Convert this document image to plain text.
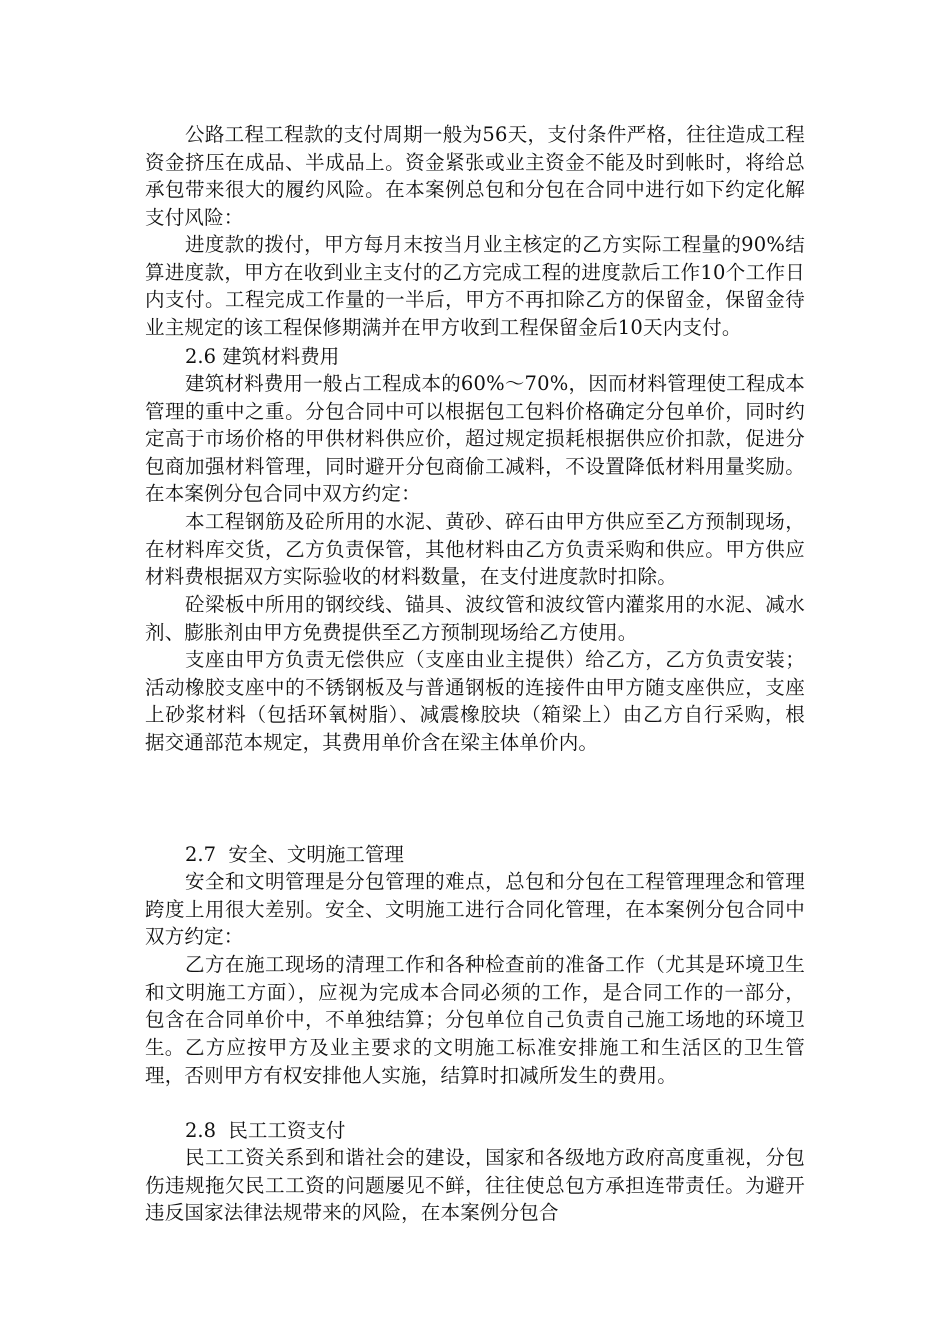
公路工程工程款的支付周期一般为56天，支付条件严格，往往造成工程资金挤压在成品、半成品上。资金紧张或业主资金不能及时到帐时，将给总承包带来很大的履约风险。在本案例总包和分包在合同中进行如下约定化解支付风险：

进度款的拨付，甲方每月末按当月业主核定的乙方实际工程量的90%结算进度款，甲方在收到业主支付的乙方完成工程的进度款后工作10个工作日内支付。工程完成工作量的一半后，甲方不再扣除乙方的保留金，保留金待业主规定的该工程保修期满并在甲方收到工程保留金后10天内支付。

2.6 建筑材料费用

建筑材料费用一般占工程成本的60%～70%，因而材料管理使工程成本管理的重中之重。分包合同中可以根据包工包料价格确定分包单价，同时约定高于市场价格的甲供材料供应价，超过规定损耗根据供应价扣款，促进分包商加强材料管理，同时避开分包商偷工减料，不设置降低材料用量奖励。在本案例分包合同中双方约定：

本工程钢筋及砼所用的水泥、黄砂、碎石由甲方供应至乙方预制现场，在材料库交货，乙方负责保管，其他材料由乙方负责采购和供应。甲方供应材料费根据双方实际验收的材料数量，在支付进度款时扣除。

砼梁板中所用的钢绞线、锚具、波纹管和波纹管内灌浆用的水泥、减水剂、膨胀剂由甲方免费提供至乙方预制现场给乙方使用。

支座由甲方负责无偿供应（支座由业主提供）给乙方，乙方负责安装；活动橡胶支座中的不锈钢板及与普通钢板的连接件由甲方随支座供应，支座上砂浆材料（包括环氧树脂）、减震橡胶块（箱梁上）由乙方自行采购，根据交通部范本规定，其费用单价含在梁主体单价内。

2.7  安全、文明施工管理

安全和文明管理是分包管理的难点，总包和分包在工程管理理念和管理跨度上用很大差别。安全、文明施工进行合同化管理，在本案例分包合同中双方约定：

乙方在施工现场的清理工作和各种检查前的准备工作（尤其是环境卫生和文明施工方面），应视为完成本合同必须的工作，是合同工作的一部分，包含在合同单价中，不单独结算；分包单位自己负责自己施工场地的环境卫生。 乙方应按甲方及业主要求的文明施工标准安排施工和生活区的卫生管理，否则甲方有权安排他人实施，结算时扣减所发生的费用。

2.8  民工工资支付

民工工资关系到和谐社会的建设，国家和各级地方政府高度重视，分包伤违规拖欠民工工资的问题屡见不鲜，往往使总包方承担连带责任。为避开违反国家法律法规带来的风险，在本案例分包合
